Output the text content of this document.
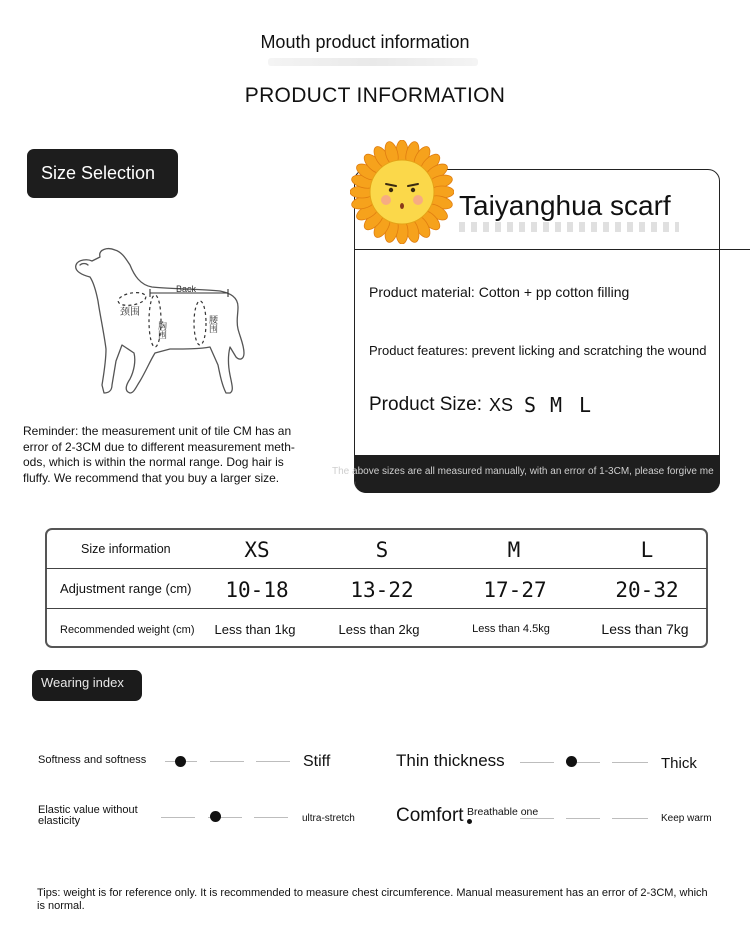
Mouth product information
PRODUCT INFORMATION
Size Selection
Back
颈围
胸围	腰围
Reminder: the measurement unit of tile CM has an error of 2-3CM due to different measurement meth-ods, which is within the normal range. Dog hair is fluffy. We recommend that you buy a larger size.	The above sizes are all measured manually, with an error of 1-3CM, please forgive me
Taiyanghua scarf
Product material: Cotton + pp cotton filling
Product features: prevent licking and scratching the wound
Product Size: XS S M L
Size information	XS	S	M	L
Adjustment range (cm)	10-18	13-22	17-27	20-32
Recommended weight (cm)	Less than 1kg	Less than 2kg	Less than 4.5kg	Less than 7kg
Wearing index
Softness and softness	Stiff	Thin thickness	Thick
Elastic value without elasticity	ultra-stretch Comfort Breathable one
Keep warm
Tips: weight is for reference only. It is recommended to measure chest circumference. Manual measurement has an error of 2-3CM, which is normal.
